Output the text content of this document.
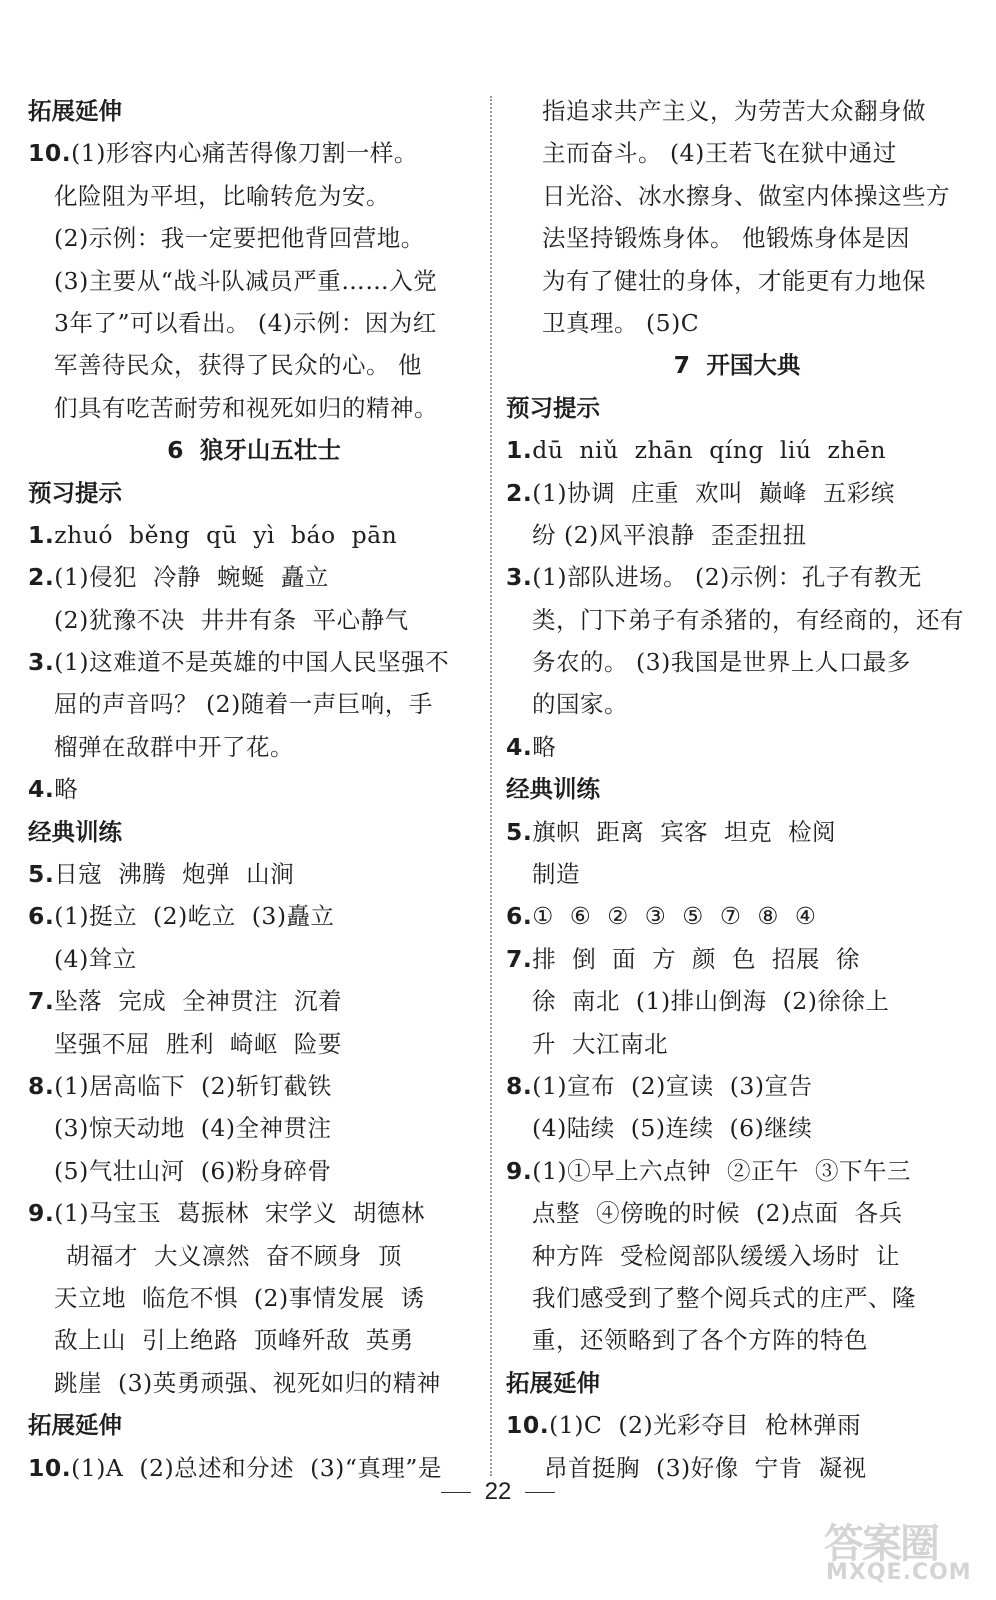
拓展延伸
10.(1)形容内心痛苦得像刀割一样。
化险阻为平坦，比喻转危为安。
(2)示例：我一定要把他背回营地。
(3)主要从“战斗队减员严重……入党
3年了”可以看出。 (4)示例：因为红
军善待民众，获得了民众的心。 他
们具有吃苦耐劳和视死如归的精神。
6  狼牙山五壮士
预习提示
1.zhuó  běng  qū  yì  báo  pān
2.(1)侵犯  冷静  蜿蜒  矗立
(2)犹豫不决  井井有条  平心静气
3.(1)这难道不是英雄的中国人民坚强不
屈的声音吗？ (2)随着一声巨响，手
榴弹在敌群中开了花。
4.略
经典训练
5.日寇  沸腾  炮弹  山涧
6.(1)挺立  (2)屹立  (3)矗立
(4)耸立
7.坠落  完成  全神贯注  沉着
坚强不屈  胜利  崎岖  险要
8.(1)居高临下  (2)斩钉截铁
(3)惊天动地  (4)全神贯注
(5)气壮山河  (6)粉身碎骨
9.(1)马宝玉  葛振林  宋学义  胡德林
胡福才  大义凛然  奋不顾身  顶
天立地  临危不惧  (2)事情发展  诱
敌上山  引上绝路  顶峰歼敌  英勇
跳崖  (3)英勇顽强、视死如归的精神
拓展延伸
10.(1)A  (2)总述和分述  (3)“真理”是
指追求共产主义，为劳苦大众翻身做
主而奋斗。 (4)王若飞在狱中通过
日光浴、冰水擦身、做室内体操这些方
法坚持锻炼身体。 他锻炼身体是因
为有了健壮的身体，才能更有力地保
卫真理。 (5)C
7  开国大典
预习提示
1.dū  niǔ  zhān  qíng  liú  zhēn
2.(1)协调  庄重  欢叫  巅峰  五彩缤
纷 (2)风平浪静  歪歪扭扭
3.(1)部队进场。 (2)示例：孔子有教无
类，门下弟子有杀猪的，有经商的，还有
务农的。 (3)我国是世界上人口最多
的国家。
4.略
经典训练
5.旗帜  距离  宾客  坦克  检阅
制造
6.①  ⑥  ②  ③  ⑤  ⑦  ⑧  ④
7.排  倒  面  方  颜  色  招展  徐
徐  南北  (1)排山倒海  (2)徐徐上
升  大江南北
8.(1)宣布  (2)宣读  (3)宣告
(4)陆续  (5)连续  (6)继续
9.(1)①早上六点钟  ②正午  ③下午三
点整  ④傍晚的时候  (2)点面  各兵
种方阵  受检阅部队缓缓入场时  让
我们感受到了整个阅兵式的庄严、隆
重，还领略到了各个方阵的特色
拓展延伸
10.(1)C  (2)光彩夺目  枪林弹雨
昂首挺胸  (3)好像  宁肯  凝视
22
答案圈
MXQE.COM
